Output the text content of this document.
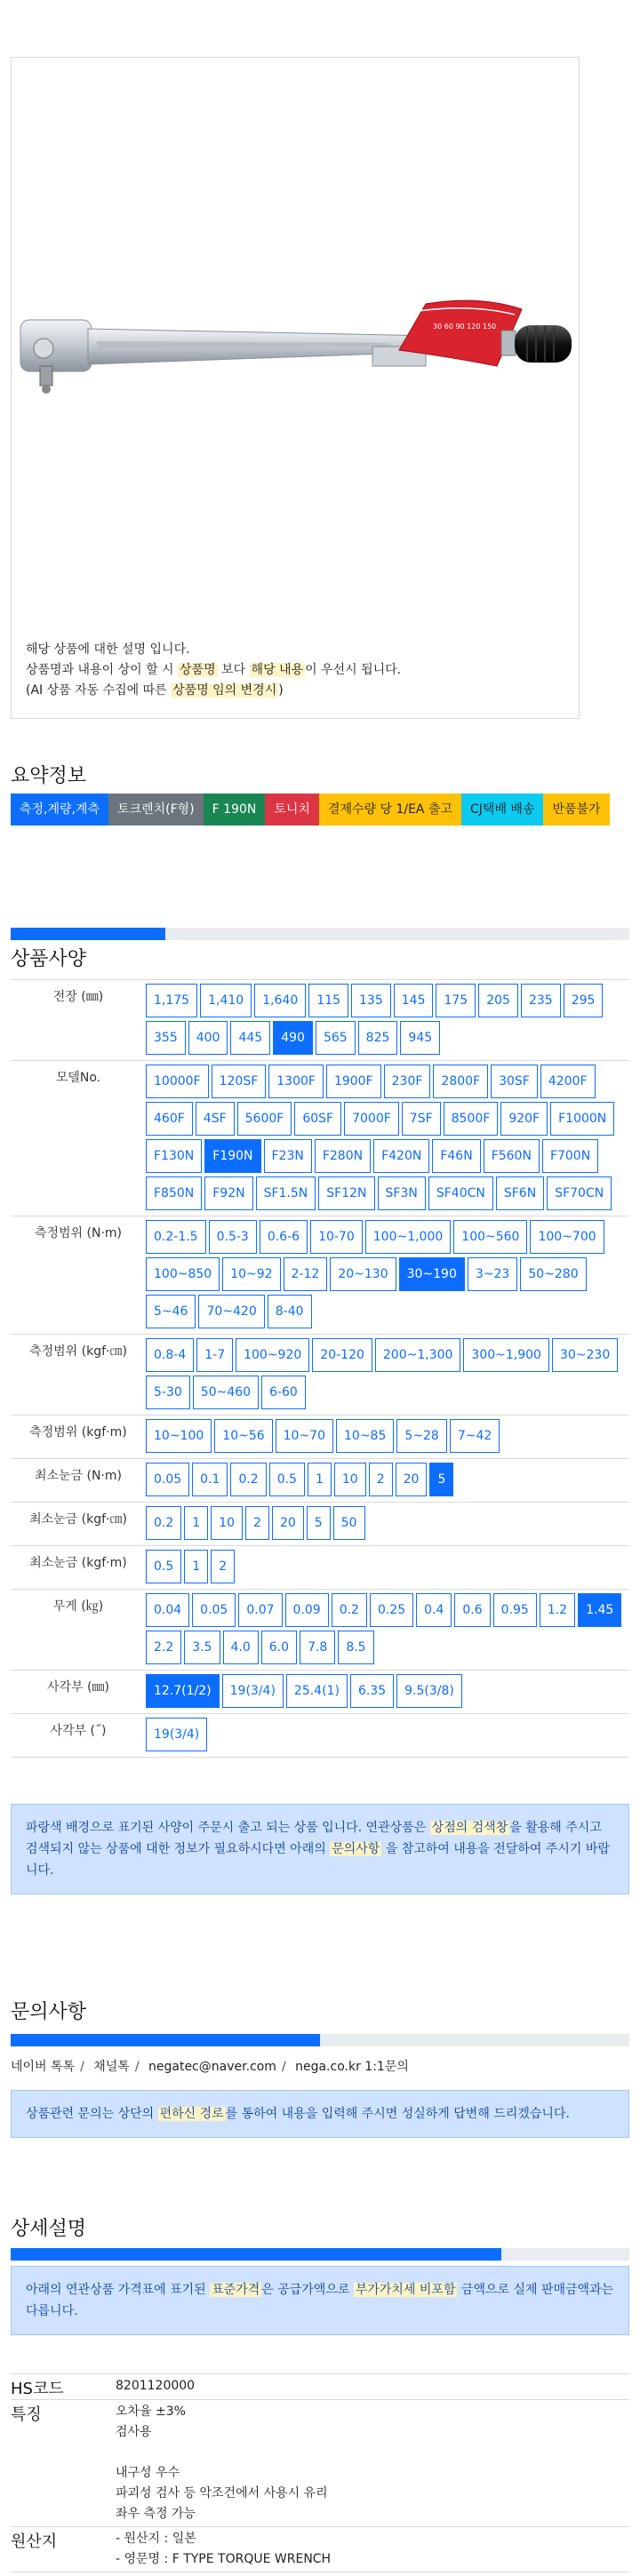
30 60 90 120 150
해당 상품에 대한 설명 입니다.
상품명과 내용이 상이 할 시 상품명 보다 해당 내용 이 우선시 됩니다.
(AI 상품 자동 수집에 따른 상품명 임의 변경시 )
요약정보
측정,계량,계측	토크렌치(F형)	F 190N	토니치	결제수량 당 1/EA 출고	CJ택배 배송	반품불가
상품사양
전장 (㎜)	1,175	1,410	1,640	115	135	145	175	205	235	295
355	400	445	490	565	825	945
모델No.	10000F	120SF	1300F	1900F	230F	2800F	30SF	4200F
460F	4SF	5600F	60SF	7000F	7SF	8500F	920F	F1000N
F130N	F190N	F23N	F280N	F420N	F46N	F560N	F700N
F850N	F92N	SF1.5N	SF12N	SF3N	SF40CN	SF6N	SF70CN
측정범위 (N·m)	0.2-1.5	0.5-3	0.6-6	10-70	100~1,000	100~560	100~700
100~850	10~92	2-12	20~130	30~190	3~23	50~280
5~46	70~420	8-40
측정범위 (kgf·㎝)	0.8-4	1-7	100~920	20-120	200~1,300	300~1,900	30~230
5-30	50~460	6-60
측정범위 (kgf·m)	10~100	10~56	10~70	10~85	5~28	7~42
최소눈금 (N·m)	0.05	0.1	0.2	0.5	1	10	2	20	5
최소눈금 (kgf·㎝)	0.2	1	10	2	20	5	50
최소눈금 (kgf·m)	0.5	1	2
무게 (㎏)	0.04	0.05	0.07	0.09	0.2	0.25	0.4	0.6	0.95	1.2	1.45
2.2	3.5	4.0	6.0	7.8	8.5
사각부 (㎜)	12.7(1/2)	19(3/4)	25.4(1)	6.35	9.5(3/8)
사각부 (˝)	19(3/4)
파랑색 배경으로 표기된 사양이 주문시 출고 되는 상품 입니다. 연관상품은 상점의 검색창 을 활용해 주시고 검색되지 않는 상품에 대한 정보가 필요하시다면 아래의 문의사항 을 참고하여 내용을 전달하여 주시기 바랍니다.
문의사항
네이버 톡톡 / 채널톡 / negatec@naver.com / nega.co.kr 1:1문의
상품관련 문의는 상단의 편하신 경로 를 통하여 내용을 입력해 주시면 성실하게 답변해 드리겠습니다.
상세설명
아래의 연관상품 가격표에 표기된 표준가격 은 공급가액으로 부가가치세 비포함 금액으로 실제 판매금액과는 다릅니다.
HS코드	8201120000
특징	오차율 ±3%
검사용
내구성 우수
파괴성 검사 등 악조건에서 사용시 유리
좌우 측정 가능
원산지	- 원산지 : 일본
- 영문명 : F TYPE TORQUE WRENCH
